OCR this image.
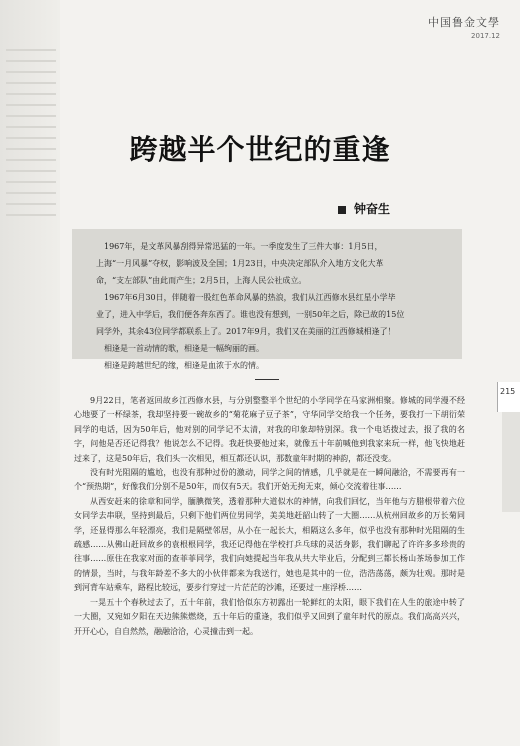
中国鲁金文學
2017.12
跨越半个世纪的重逢
钟奋生

1967年，是文革风暴刮得异常迅猛的一年。一季度发生了三件大事：1月5日，

上海“一月风暴”夺权，影响波及全国；1月23日，中央决定部队介入地方文化大革

命，“支左部队”由此而产生；2月5日，上海人民公社成立。

1967年6月30日，伴随着一股红色革命风暴的热浪，我们从江西修水县红星小学毕

业了，进入中学后，我们便各奔东西了。谁也没有想到，一别50年之后，除已故的15位

同学外，其余43位同学都联系上了。2017年9月，我们又在美丽的江西修城相逢了！

相逢是一首动情的歌，相逢是一幅绚丽的画。

相逢是跨越世纪的缘，相逢是血浓于水的情。

9月22日，笔者返回故乡江西修水县，与分别整整半个世纪的小学同学在马家洲相聚。修城的同学漫不经心地要了一杯绿茶，我却坚持要一碗故乡的“菊花麻子豆子茶”，守华同学交给我一个任务，要我打一下胡衍荣同学的电话，因为50年后，他对别的同学记不太清，对我的印象却特别深。我一个电话拨过去，报了我的名字，问他是否还记得我？他说怎么不记得。我赶快要他过来，就像五十年前喊他到我家来玩一样，他飞快地赶过来了，这是50年后，我们头一次相见，相互都还认识，那数童年时期的神韵，都还没变。

没有时光阻隔的尴尬，也没有那种过份的激动，同学之间的情感，几乎就是在一瞬间融洽，不需要再有一个“预热期”，好像我们分别不是50年，而仅有5天。我们开始无拘无束，倾心交流着往事……

从西安赶来的徐章和同学，腼腆微笑，透着那种大道似水的神情，向我们回忆，当年他与方腊根带着六位女同学去串联，坚持到最后，只剩下他们两位男同学，美美地赶韶山转了一大圈……从杭州回故乡的万长菊同学，还显得那么年轻漂亮，我们是隔壁邻居，从小在一起长大，相隔这么多年，似乎也没有那种时光阻隔的生疏感……从佛山赶回故乡的袁根根同学，我还记得他在学校打乒乓球的灵活身影，我们聊起了许许多多珍贵的往事……原住在我家对面的查菲菲同学，我们向她提起当年我从共大毕业后，分配到三都长杨山茶场参加工作的情景，当时，与我年龄差不多大的小伙伴都来为我送行，她也是其中的一位，浩浩荡荡，颇为壮观。那时是到河背车站乘车，路程比较远，要步行穿过一片茫茫的沙滩，还要过一座浮桥……

一晃五十个春秋过去了，五十年前，我们恰似东方初露出一轮鲜红的太阳，眼下我们在人生的旅途中转了一大圈，又宛如夕阳在天边熊熊燃烧，五十年后的重逢，我们似乎又回到了童年时代的原点。我们高高兴兴，开开心心，自自然然，融融洽洽，心灵撞击到一起。

215
